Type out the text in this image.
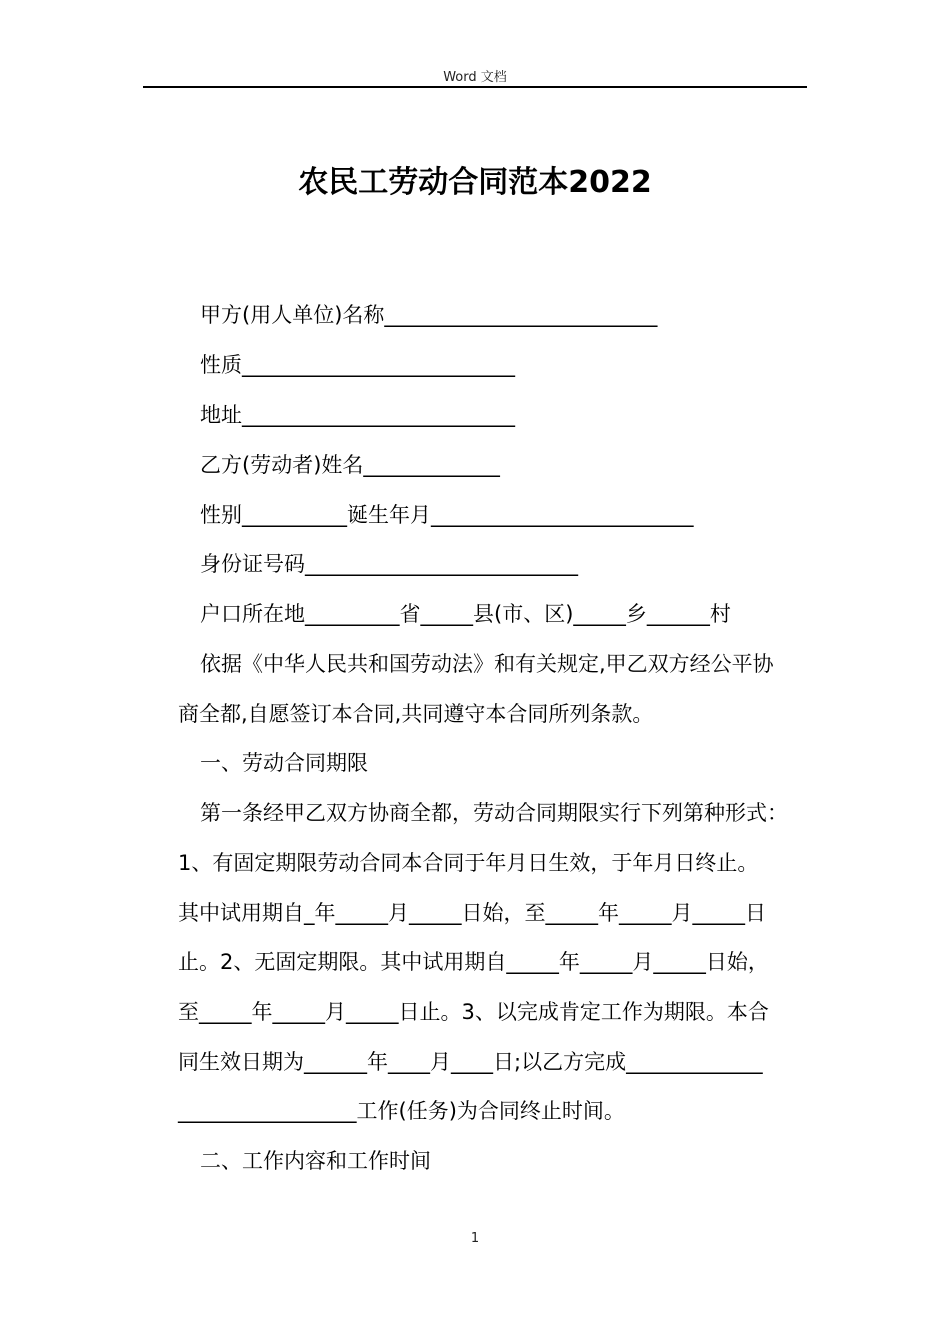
Word 文档
农民工劳动合同范本2022
甲方(用人单位)名称__________________________
性质__________________________
地址__________________________
乙方(劳动者)姓名_____________
性别__________诞生年月_________________________
身份证号码__________________________
户口所在地_________省_____县(市、区)_____乡______村
依据《中华人民共和国劳动法》和有关规定,甲乙双方经公平协
商全都,自愿签订本合同,共同遵守本合同所列条款。
一、劳动合同期限
第一条经甲乙双方协商全都，劳动合同期限实行下列第种形式：
1、有固定期限劳动合同本合同于年月日生效，于年月日终止。
其中试用期自_年_____月_____日始，至_____年_____月_____日
止。2、无固定期限。其中试用期自_____年_____月_____日始，
至_____年_____月_____日止。3、以完成肯定工作为期限。本合
同生效日期为______年____月____日;以乙方完成_____________
_________________工作(任务)为合同终止时间。
二、工作内容和工作时间
1
